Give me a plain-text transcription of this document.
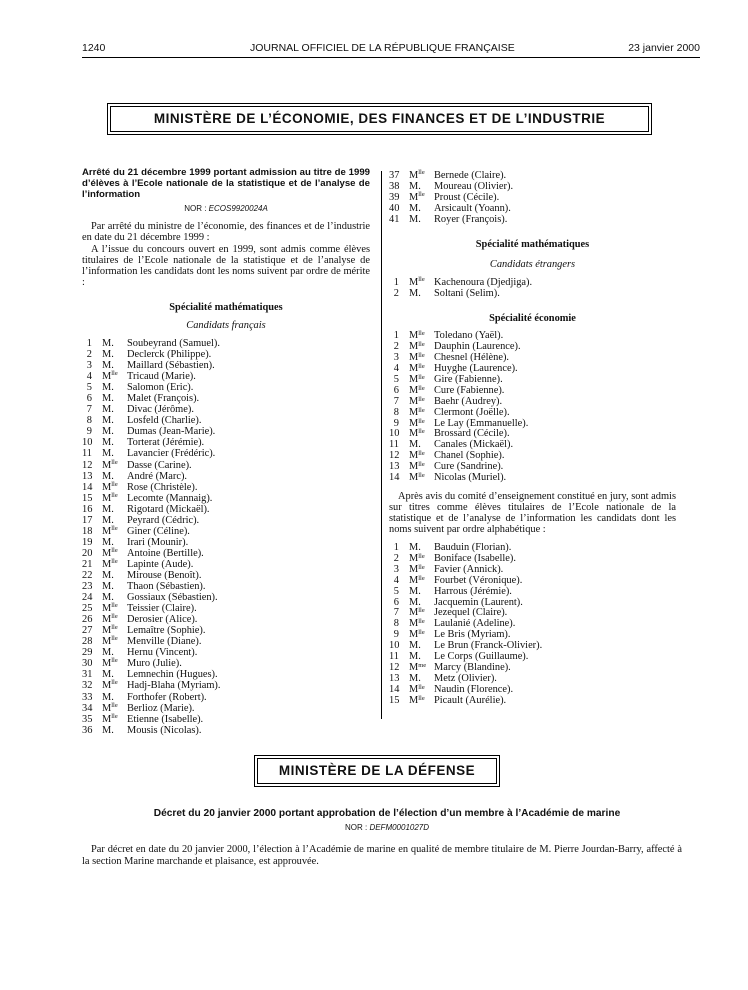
1240	JOURNAL OFFICIEL DE LA RÉPUBLIQUE FRANÇAISE	23 janvier 2000
MINISTÈRE DE L’ÉCONOMIE, DES FINANCES ET DE L’INDUSTRIE
Arrêté du 21 décembre 1999 portant admission au titre de 1999 d’élèves à l’Ecole nationale de la statistique et de l’analyse de l’information
NOR : ECOS9920024A
Par arrêté du ministre de l’économie, des finances et de l’industrie en date du 21 décembre 1999 :
A l’issue du concours ouvert en 1999, sont admis comme élèves titulaires de l’Ecole nationale de la statistique et de l’analyse de l’information les candidats dont les noms suivent par ordre de mérite :
Spécialité mathématiques
Candidats français
1 M. Soubeyrand (Samuel).
2 M. Declerck (Philippe).
3 M. Maillard (Sébastien).
4 $M^{lle}$ Tricaud (Marie).
5 M. Salomon (Eric).
6 M. Malet (François).
7 M. Divac (Jérôme).
8 M. Losfeld (Charlie).
9 M. Dumas (Jean-Marie).
10 M. Torterat (Jérémie).
11 M. Lavancier (Frédéric).
12 $M^{lle}$ Dasse (Carine).
13 M. André (Marc).
14 $M^{lle}$ Rose (Christèle).
15 $M^{lle}$ Lecomte (Mannaig).
16 M. Rigotard (Mickaël).
17 M. Peyrard (Cédric).
18 $M^{lle}$ Giner (Céline).
19 M. Irari (Mounir).
20 $M^{lle}$ Antoine (Bertille).
21 $M^{lle}$ Lapinte (Aude).
22 M. Mirouse (Benoît).
23 M. Thaon (Sébastien).
24 M. Gossiaux (Sébastien).
25 $M^{lle}$ Teissier (Claire).
26 $M^{lle}$ Derosier (Alice).
27 $M^{lle}$ Lemaître (Sophie).
28 $M^{lle}$ Menville (Diane).
29 M. Hernu (Vincent).
30 $M^{lle}$ Muro (Julie).
31 M. Lemnechin (Hugues).
32 $M^{lle}$ Hadj-Blaha (Myriam).
33 M. Forthofer (Robert).
34 $M^{lle}$ Berlioz (Marie).
35 $M^{lle}$ Etienne (Isabelle).
36 M. Mousis (Nicolas).
37 $M^{lle}$ Bernede (Claire).
38 M. Moureau (Olivier).
39 $M^{lle}$ Proust (Cécile).
40 M. Arsicault (Yoann).
41 M. Royer (François).
Spécialité mathématiques
Candidats étrangers
1 $M^{lle}$ Kachenoura (Djedjiga).
2 M. Soltani (Selim).
Spécialité économie
1 $M^{lle}$ Toledano (Yaël).
2 $M^{lle}$ Dauphin (Laurence).
3 $M^{lle}$ Chesnel (Hélène).
4 $M^{lle}$ Huyghe (Laurence).
5 $M^{lle}$ Gire (Fabienne).
6 $M^{lle}$ Cure (Fabienne).
7 $M^{lle}$ Baehr (Audrey).
8 $M^{lle}$ Clermont (Joëlle).
9 $M^{lle}$ Le Lay (Emmanuelle).
10 $M^{lle}$ Brossard (Cécile).
11 M. Canales (Mickaël).
12 $M^{lle}$ Chanel (Sophie).
13 $M^{lle}$ Cure (Sandrine).
14 $M^{lle}$ Nicolas (Muriel).
Après avis du comité d’enseignement constitué en jury, sont admis sur titres comme élèves titulaires de l’Ecole nationale de la statistique et de l’analyse de l’information les candidats dont les noms suivent par ordre alphabétique :
1 M. Bauduin (Florian).
2 $M^{lle}$ Boniface (Isabelle).
3 $M^{lle}$ Favier (Annick).
4 $M^{lle}$ Fourbet (Véronique).
5 M. Harrous (Jérémie).
6 M. Jacquemin (Laurent).
7 $M^{lle}$ Jezequel (Claire).
8 $M^{lle}$ Laulanié (Adeline).
9 $M^{lle}$ Le Bris (Myriam).
10 M. Le Brun (Franck-Olivier).
11 M. Le Corps (Guillaume).
12 $M^{me}$ Marcy (Blandine).
13 M. Metz (Olivier).
14 $M^{lle}$ Naudin (Florence).
15 $M^{lle}$ Picault (Aurélie).
MINISTÈRE DE LA DÉFENSE
Décret du 20 janvier 2000 portant approbation de l’élection d’un membre à l’Académie de marine
NOR : DEFM0001027D
Par décret en date du 20 janvier 2000, l’élection à l’Académie de marine en qualité de membre titulaire de M. Pierre Jourdan-Barry, affecté à la section Marine marchande et plaisance, est approuvée.
